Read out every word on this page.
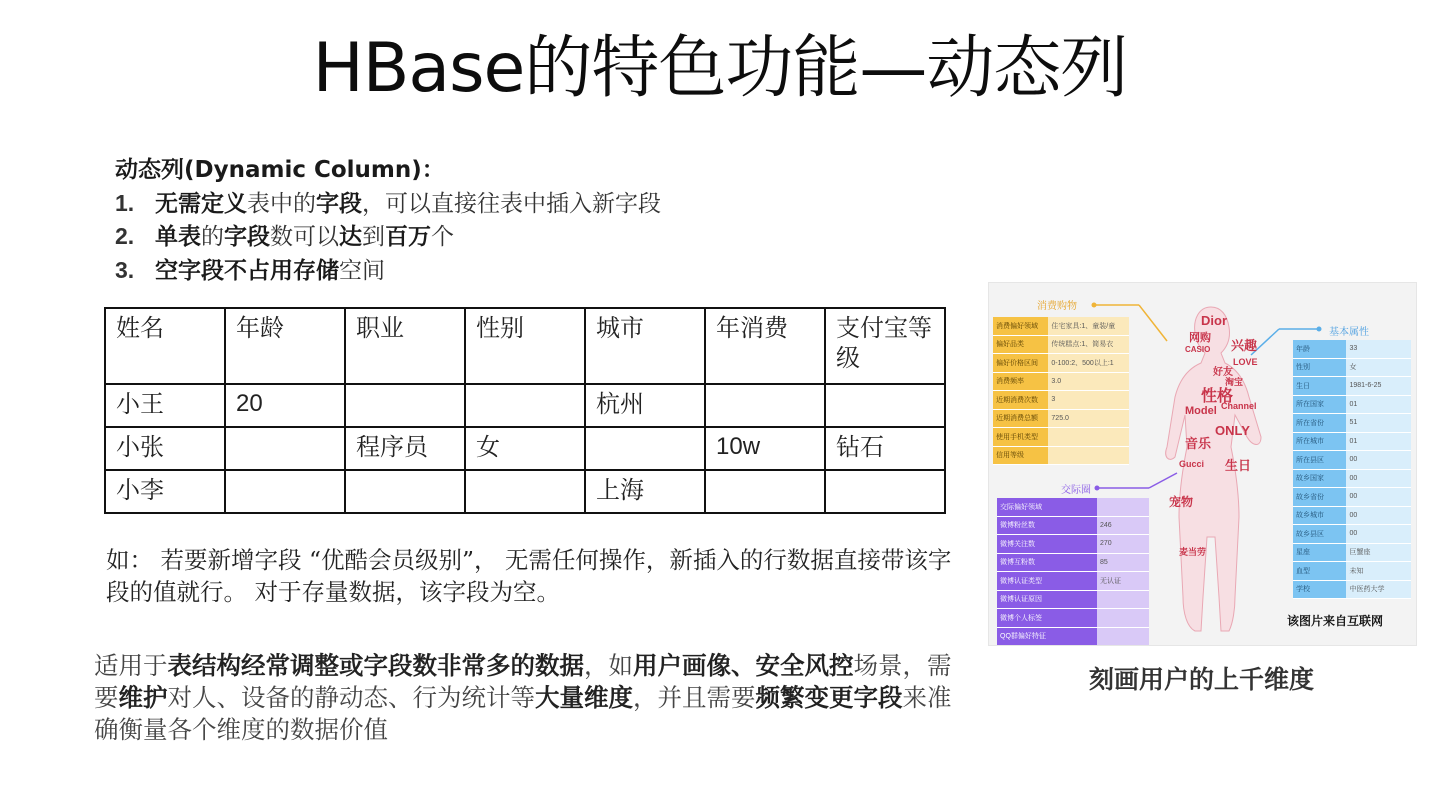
HBase的特色功能—动态列
动态列(Dynamic Column)：
1. 无需定义表中的字段，可以直接往表中插入新字段
2. 单表的字段数可以达到百万个
3. 空字段不占用存储空间
姓名	年龄	职业	性别	城市	年消费	支付宝等级
小王	20			杭州		
小张		程序员	女		10w	钻石
小李				上海		
如： 若要新增字段 “优酷会员级别”， 无需任何操作，新插入的行数据直接带该字段的值就行。 对于存量数据，该字段为空。
适用于表结构经常调整或字段数非常多的数据，如用户画像、安全风控场景，需要维护对人、设备的静动态、行为统计等大量维度，并且需要频繁变更字段来准确衡量各个维度的数据价值
消费购物
消费偏好领域	住宅家具:1、童装/童
偏好品类	传统糕点:1、简易衣
偏好价格区间	0-100:2、500以上:1
消费频率	3.0
近期消费次数	3
近期消费总额	725.0
使用手机类型	
信用等级	
交际圈
交际偏好领域	
微博粉丝数	246
微博关注数	270
微博互粉数	85
微博认证类型	无认证
微博认证原因	
微博个人标签	
QQ群偏好特征	
基本属性
年龄	33
性别	女
生日	1981-6-25
所在国家	01
所在省份	51
所在城市	01
所在县区	00
故乡国家	00
故乡省份	00
故乡城市	00
故乡县区	00
星座	巨蟹座
血型	未知
学校	中医药大学
Dior
网购 兴趣
CASIO
性格
Model
音乐
ONLY
生日
Gucci
宠物
Channel
好友
LOVE
淘宝
麦当劳
该图片来自互联网
刻画用户的上千维度
